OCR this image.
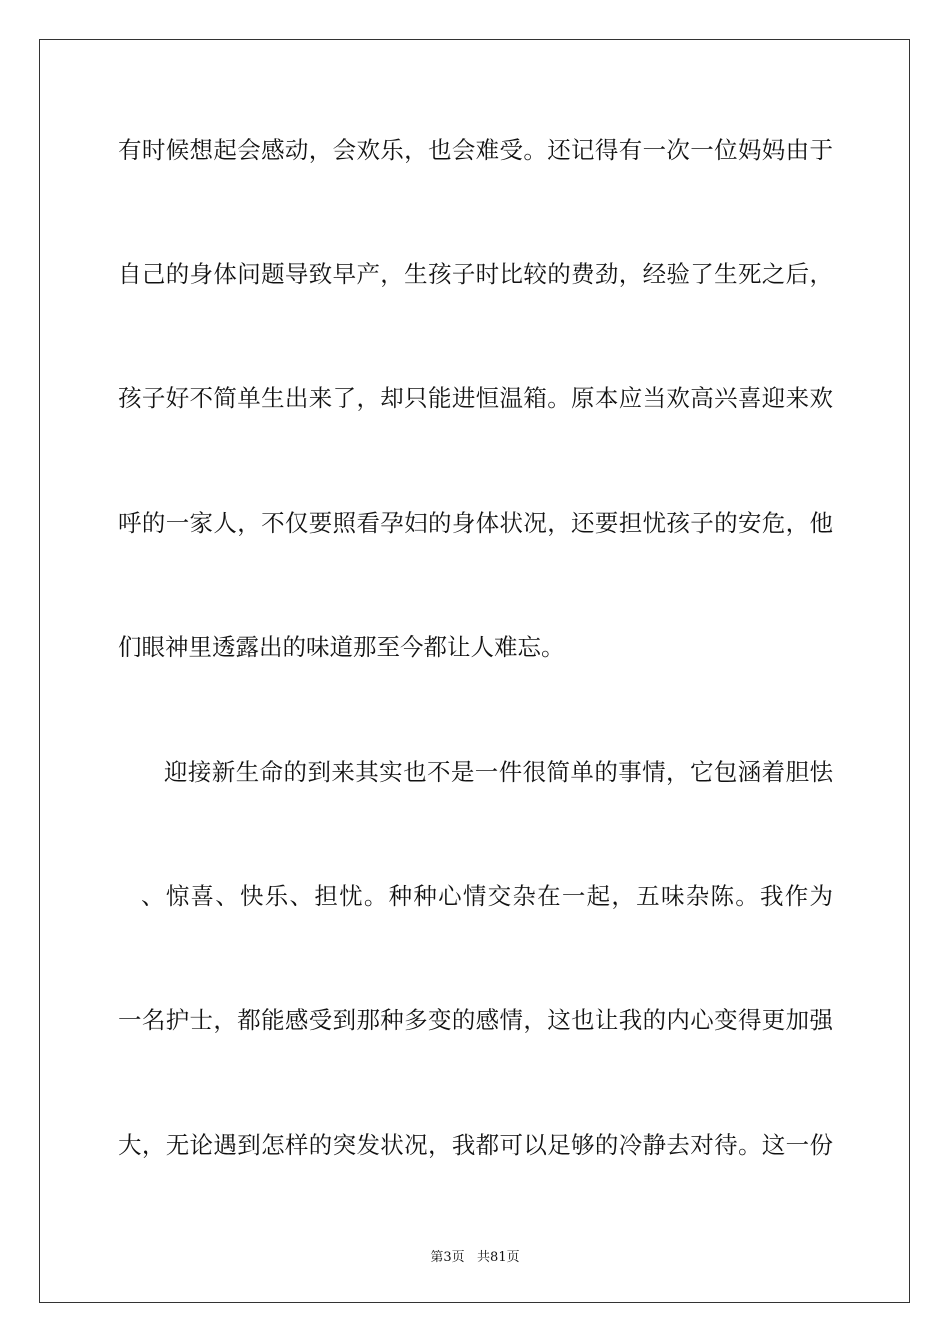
有时候想起会感动，会欢乐，也会难受。还记得有一次一位妈妈由于
自己的身体问题导致早产，生孩子时比较的费劲，经验了生死之后，
孩子好不简单生出来了，却只能进恒温箱。原本应当欢高兴喜迎来欢
呼的一家人，不仅要照看孕妇的身体状况，还要担忧孩子的安危，他
们眼神里透露出的味道那至今都让人难忘。
迎接新生命的到来其实也不是一件很简单的事情，它包涵着胆怯
、惊喜、快乐、担忧。种种心情交杂在一起，五味杂陈。我作为
一名护士，都能感受到那种多变的感情，这也让我的内心变得更加强
大，无论遇到怎样的突发状况，我都可以足够的冷静去对待。这一份
第3页   共81页
